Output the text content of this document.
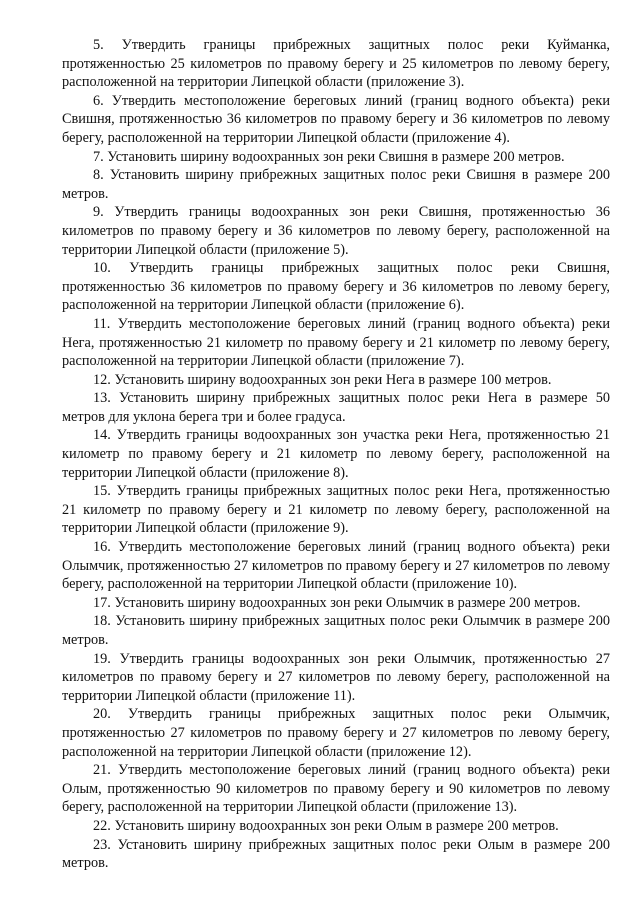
5. Утвердить границы прибрежных защитных полос реки Куйманка, протяженностью 25 километров по правому берегу и 25 километров по левому берегу, расположенной на территории Липецкой области (приложение 3).

6. Утвердить местоположение береговых линий (границ водного объекта) реки Свишня, протяженностью 36 километров по правому берегу и 36 километров по левому берегу, расположенной на территории Липецкой области (приложение 4).

7. Установить ширину водоохранных зон реки Свишня в размере 200 метров.

8. Установить ширину прибрежных защитных полос реки Свишня в размере 200 метров.

9. Утвердить границы водоохранных зон реки Свишня, протяженностью 36 километров по правому берегу и 36 километров по левому берегу, расположенной на территории Липецкой области (приложение 5).

10. Утвердить границы прибрежных защитных полос реки Свишня, протяженностью 36 километров по правому берегу и 36 километров по левому берегу, расположенной на территории Липецкой области (приложение 6).

11. Утвердить местоположение береговых линий (границ водного объекта) реки Нега, протяженностью 21 километр по правому берегу и 21 километр по левому берегу, расположенной на территории Липецкой области (приложение 7).

12. Установить ширину водоохранных зон реки Нега в размере 100 метров.

13. Установить ширину прибрежных защитных полос реки Нега в размере 50 метров для уклона берега три и более градуса.

14. Утвердить границы водоохранных зон участка реки Нега, протяженностью 21 километр по правому берегу и 21 километр по левому берегу, расположенной на территории Липецкой области (приложение 8).

15. Утвердить границы прибрежных защитных полос реки Нега, протяженностью 21 километр по правому берегу и 21 километр по левому берегу, расположенной на территории Липецкой области (приложение 9).

16. Утвердить местоположение береговых линий (границ водного объекта) реки Олымчик, протяженностью 27 километров по правому берегу и 27 километров по левому берегу, расположенной на территории Липецкой области (приложение 10).

17. Установить ширину водоохранных зон реки Олымчик в размере 200 метров.

18. Установить ширину прибрежных защитных полос реки Олымчик в размере 200 метров.

19. Утвердить границы водоохранных зон реки Олымчик, протяженностью 27 километров по правому берегу и 27 километров по левому берегу, расположенной на территории Липецкой области (приложение 11).

20. Утвердить границы прибрежных защитных полос реки Олымчик, протяженностью 27 километров по правому берегу и 27 километров по левому берегу, расположенной на территории Липецкой области (приложение 12).

21. Утвердить местоположение береговых линий (границ водного объекта) реки Олым, протяженностью 90 километров по правому берегу и 90 километров по левому берегу, расположенной на территории Липецкой области (приложение 13).

22. Установить ширину водоохранных зон реки Олым в размере 200 метров.

23. Установить ширину прибрежных защитных полос реки Олым в размере 200 метров.
